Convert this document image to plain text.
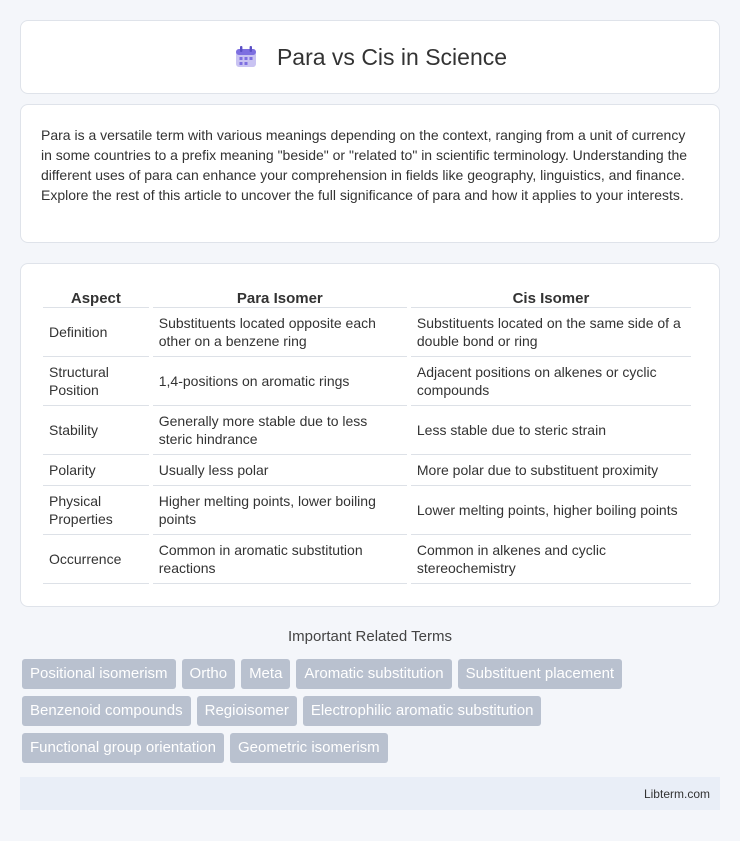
Para vs Cis in Science

Para is a versatile term with various meanings depending on the context, ranging from a unit of currency in some countries to a prefix meaning "beside" or "related to" in scientific terminology. Understanding the different uses of para can enhance your comprehension in fields like geography, linguistics, and finance. Explore the rest of this article to uncover the full significance of para and how it applies to your interests.

Aspect	Para Isomer	Cis Isomer
Definition	Substituents located opposite each other on a benzene ring	Substituents located on the same side of a double bond or ring
Structural Position	1,4-positions on aromatic rings	Adjacent positions on alkenes or cyclic compounds
Stability	Generally more stable due to less steric hindrance	Less stable due to steric strain
Polarity	Usually less polar	More polar due to substituent proximity
Physical Properties	Higher melting points, lower boiling points	Lower melting points, higher boiling points
Occurrence	Common in aromatic substitution reactions	Common in alkenes and cyclic stereochemistry
Important Related Terms
Positional isomerism	Ortho	Meta	Aromatic substitution	Substituent placement
Benzenoid compounds	Regioisomer	Electrophilic aromatic substitution
Functional group orientation	Geometric isomerism
Libterm.com
